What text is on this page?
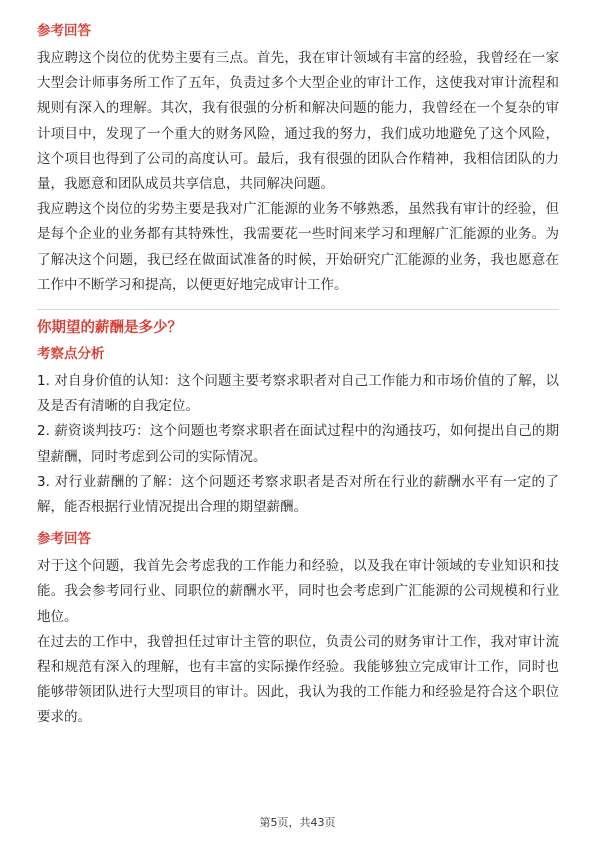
参考回答

我应聘这个岗位的优势主要有三点。首先，我在审计领域有丰富的经验，我曾经在一家大型会计师事务所工作了五年，负责过多个大型企业的审计工作，这使我对审计流程和规则有深入的理解。其次，我有很强的分析和解决问题的能力，我曾经在一个复杂的审计项目中，发现了一个重大的财务风险，通过我的努力，我们成功地避免了这个风险，这个项目也得到了公司的高度认可。最后，我有很强的团队合作精神，我相信团队的力量，我愿意和团队成员共享信息，共同解决问题。

我应聘这个岗位的劣势主要是我对广汇能源的业务不够熟悉，虽然我有审计的经验，但是每个企业的业务都有其特殊性，我需要花一些时间来学习和理解广汇能源的业务。为了解决这个问题，我已经在做面试准备的时候，开始研究广汇能源的业务，我也愿意在工作中不断学习和提高，以便更好地完成审计工作。

你期望的薪酬是多少？
考察点分析

1. 对自身价值的认知：这个问题主要考察求职者对自己工作能力和市场价值的了解，以及是否有清晰的自我定位。

2. 薪资谈判技巧：这个问题也考察求职者在面试过程中的沟通技巧，如何提出自己的期望薪酬，同时考虑到公司的实际情况。

3. 对行业薪酬的了解：这个问题还考察求职者是否对所在行业的薪酬水平有一定的了解，能否根据行业情况提出合理的期望薪酬。

参考回答

对于这个问题，我首先会考虑我的工作能力和经验，以及我在审计领域的专业知识和技能。我会参考同行业、同职位的薪酬水平，同时也会考虑到广汇能源的公司规模和行业地位。

在过去的工作中，我曾担任过审计主管的职位，负责公司的财务审计工作，我对审计流程和规范有深入的理解，也有丰富的实际操作经验。我能够独立完成审计工作，同时也能够带领团队进行大型项目的审计。因此，我认为我的工作能力和经验是符合这个职位要求的。

第5页，共43页
